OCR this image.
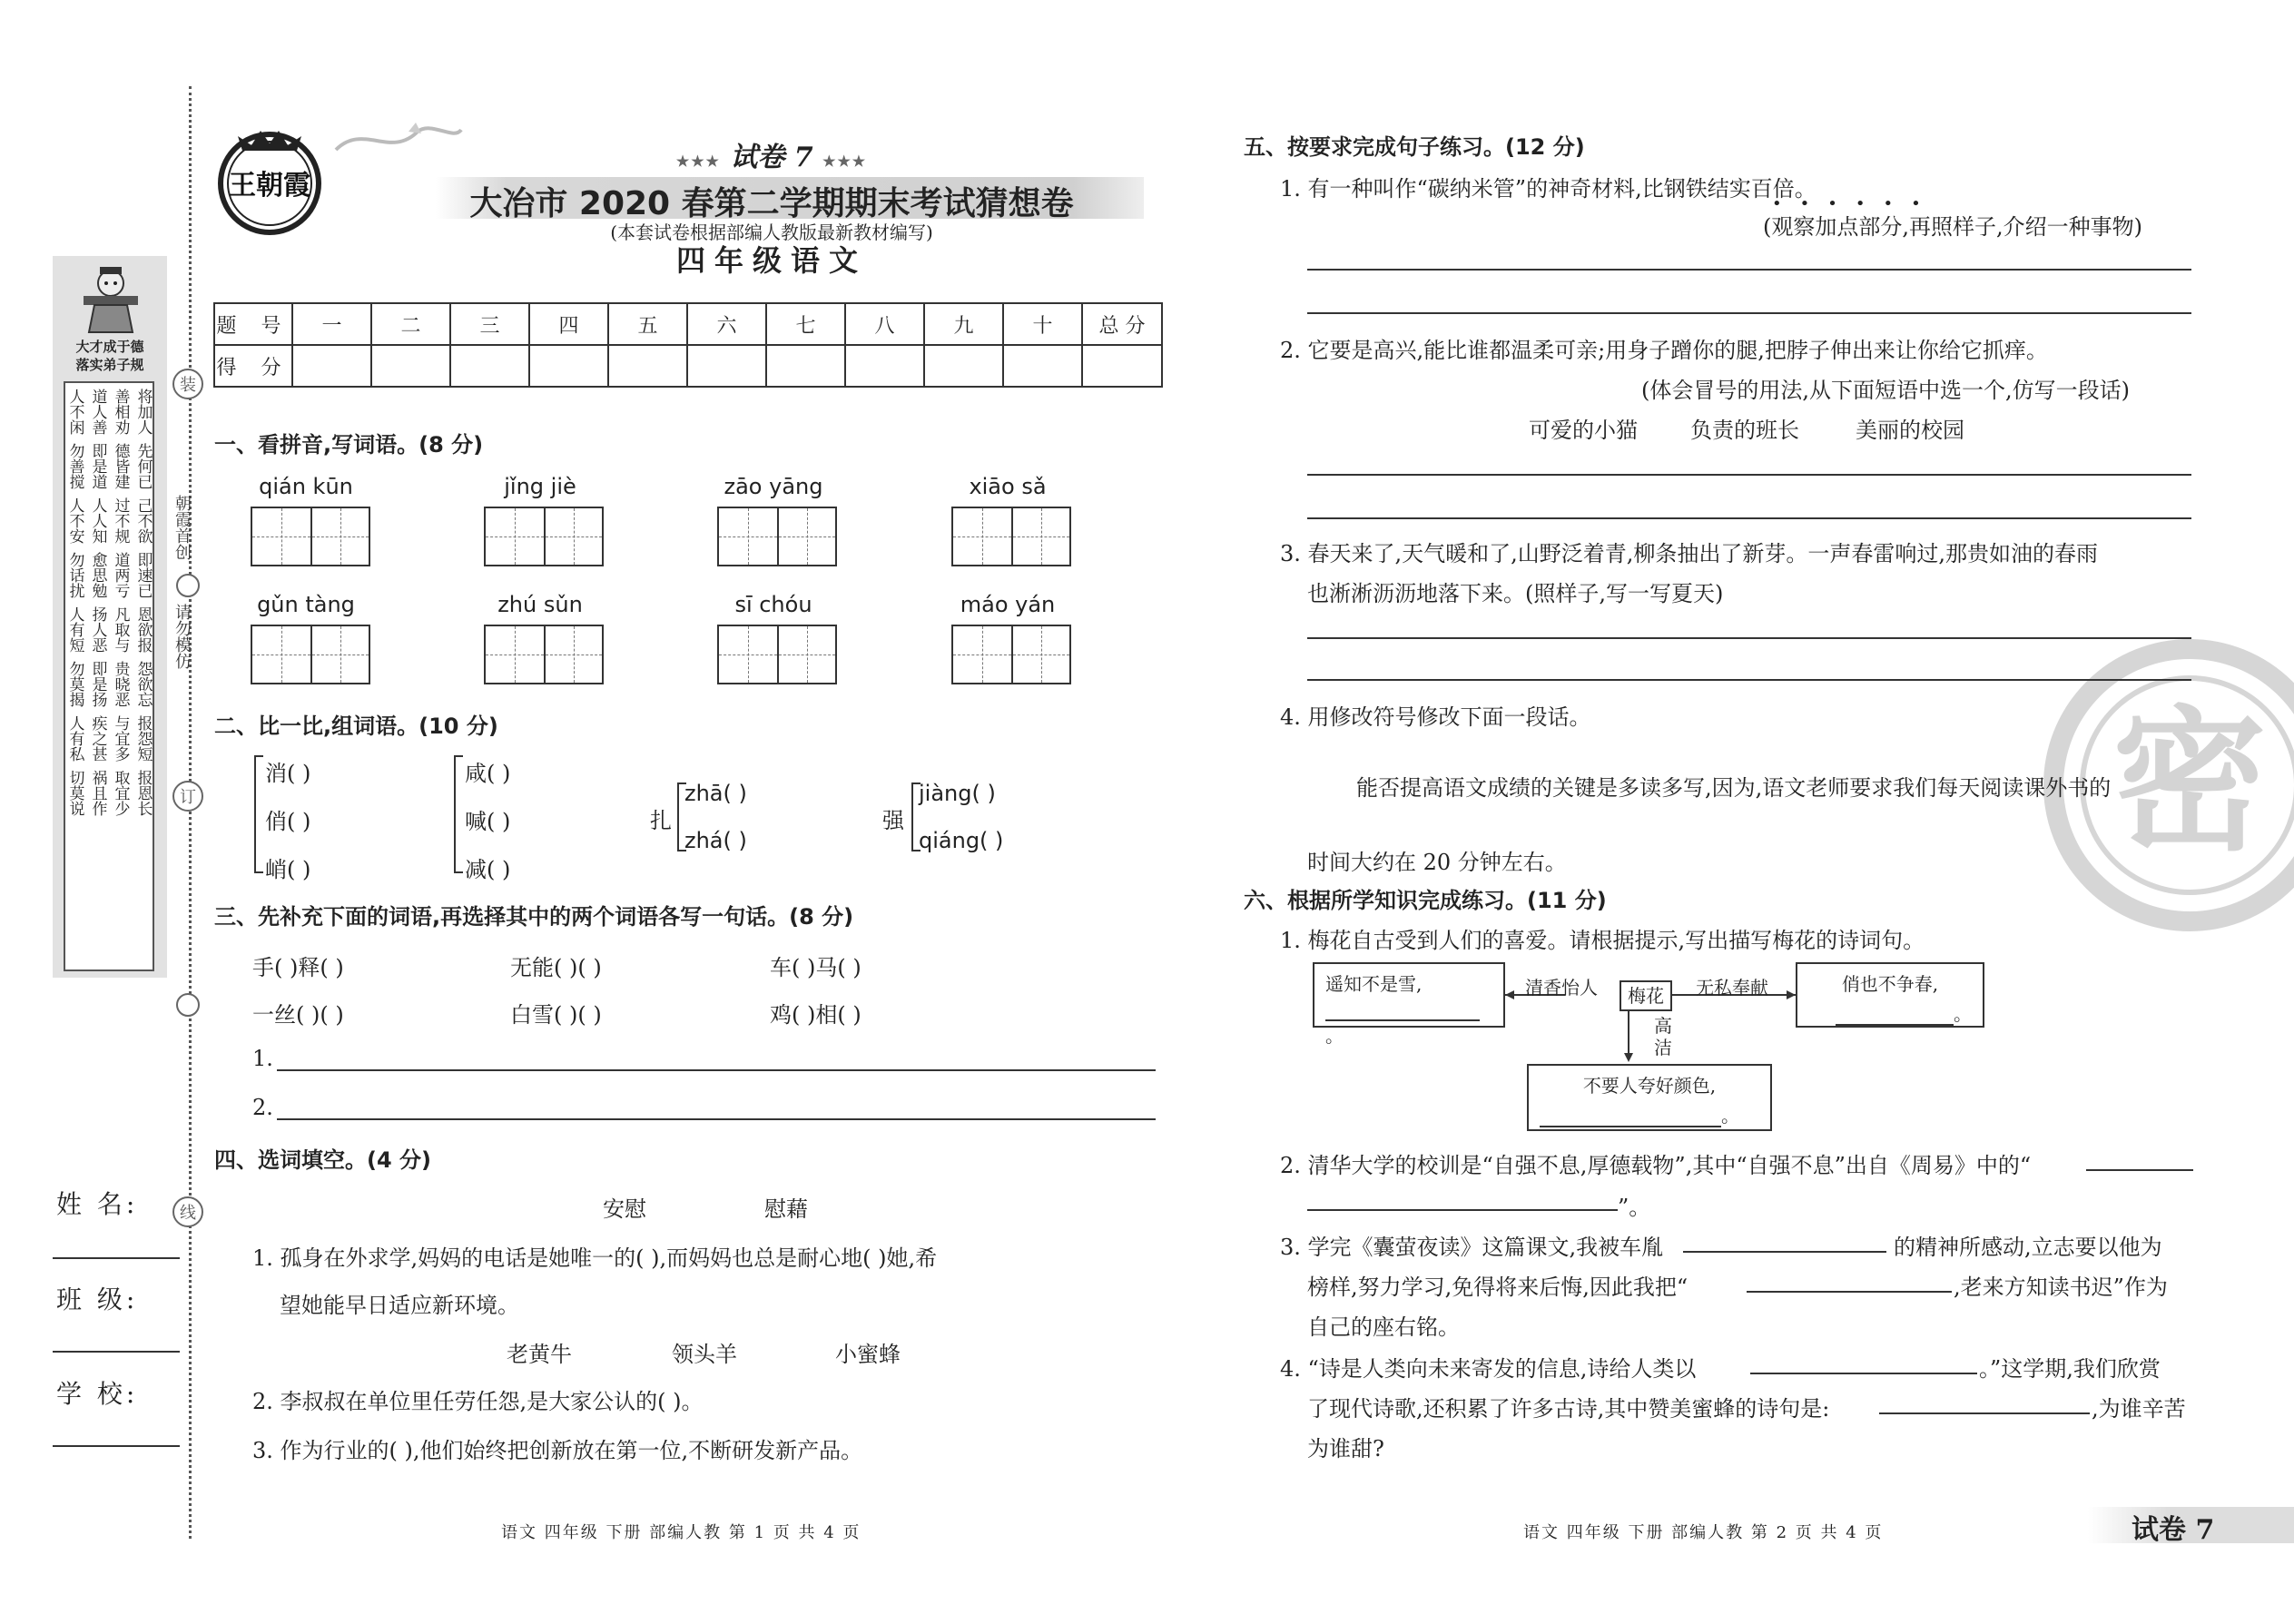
装
订
线
朝霞首创
请勿模仿
大才成于德
落实弟子规
将加人
善相劝
道人善
人不闲
先何已
德皆建
即是道
勿善搅
己不欲
过不规
人人知
人不安
即速已
道两亏
愈思勉
勿话扰
恩欲报
凡取与
扬人恶
人有短
怨欲忘
贵晓恶
即是扬
勿莫揭
报怨短
与宜多
疾之甚
人有私
报恩长
取宜少
祸且作
切莫说
姓 名:
班 级:
学 校:
王朝霞
★★★ 试卷 7 ★★★
大冶市 2020 春第二学期期末考试猜想卷
(本套试卷根据部编人教版最新教材编写)
四年级语文
题 号	一	二	三	四	五	六	七	八	九	十	总 分
得 分											
一、看拼音,写词语。(8 分)
qián kūn	jǐng jiè	zāo yāng	xiāo sǎ
gǔn tàng	zhú sǔn	sī chóu	máo yán
二、比一比,组词语。(10 分)
消( )
俏( )
峭( )
咸( )
喊( )
减( )
扎
zhā( )
zhá( )
强
jiàng( )
qiáng( )
三、先补充下面的词语,再选择其中的两个词语各写一句话。(8 分)
手( )释( )	无能( )( )	车( )马( )
一丝( )( )	白雪( )( )	鸡( )相( )
1.
2.
四、选词填空。(4 分)
安慰	慰藉
1. 孤身在外求学,妈妈的电话是她唯一的( ),而妈妈也总是耐心地( )她,希
望她能早日适应新环境。
老黄牛	领头羊	小蜜蜂
2. 李叔叔在单位里任劳任怨,是大家公认的( )。
3. 作为行业的( ),他们始终把创新放在第一位,不断研发新产品。
语文 四年级 下册 部编人教 第 1 页 共 4 页
密
五、按要求完成句子练习。(12 分)
1. 有一种叫作“碳纳米管”的神奇材料,比钢铁结实百倍。
••••••
(观察加点部分,再照样子,介绍一种事物)
2. 它要是高兴,能比谁都温柔可亲;用身子蹭你的腿,把脖子伸出来让你给它抓痒。
(体会冒号的用法,从下面短语中选一个,仿写一段话)
可爱的小猫 负责的班长	美丽的校园
3. 春天来了,天气暖和了,山野泛着青,柳条抽出了新芽。一声春雷响过,那贵如油的春雨
也淅淅沥沥地落下来。(照样子,写一写夏天)
4. 用修改符号修改下面一段话。
能否提高语文成绩的关键是多读多写,因为,语文老师要求我们每天阅读课外书的
时间大约在 20 分钟左右。
六、根据所学知识完成练习。(11 分)
1. 梅花自古受到人们的喜爱。请根据提示,写出描写梅花的诗词句。
遥知不是雪,
。
清香怡人	梅花	无私奉献	俏也不争春,
。
高洁
不要人夸好颜色,
。
2. 清华大学的校训是“自强不息,厚德载物”,其中“自强不息”出自《周易》中的“
”。
3. 学完《囊萤夜读》这篇课文,我被车胤	的精神所感动,立志要以他为
榜样,努力学习,免得将来后悔,因此我把“	,老来方知读书迟”作为
自己的座右铭。
4. “诗是人类向未来寄发的信息,诗给人类以	。”这学期,我们欣赏
了现代诗歌,还积累了许多古诗,其中赞美蜜蜂的诗句是:	,为谁辛苦
为谁甜?
语文 四年级 下册 部编人教 第 2 页 共 4 页	试卷 7
